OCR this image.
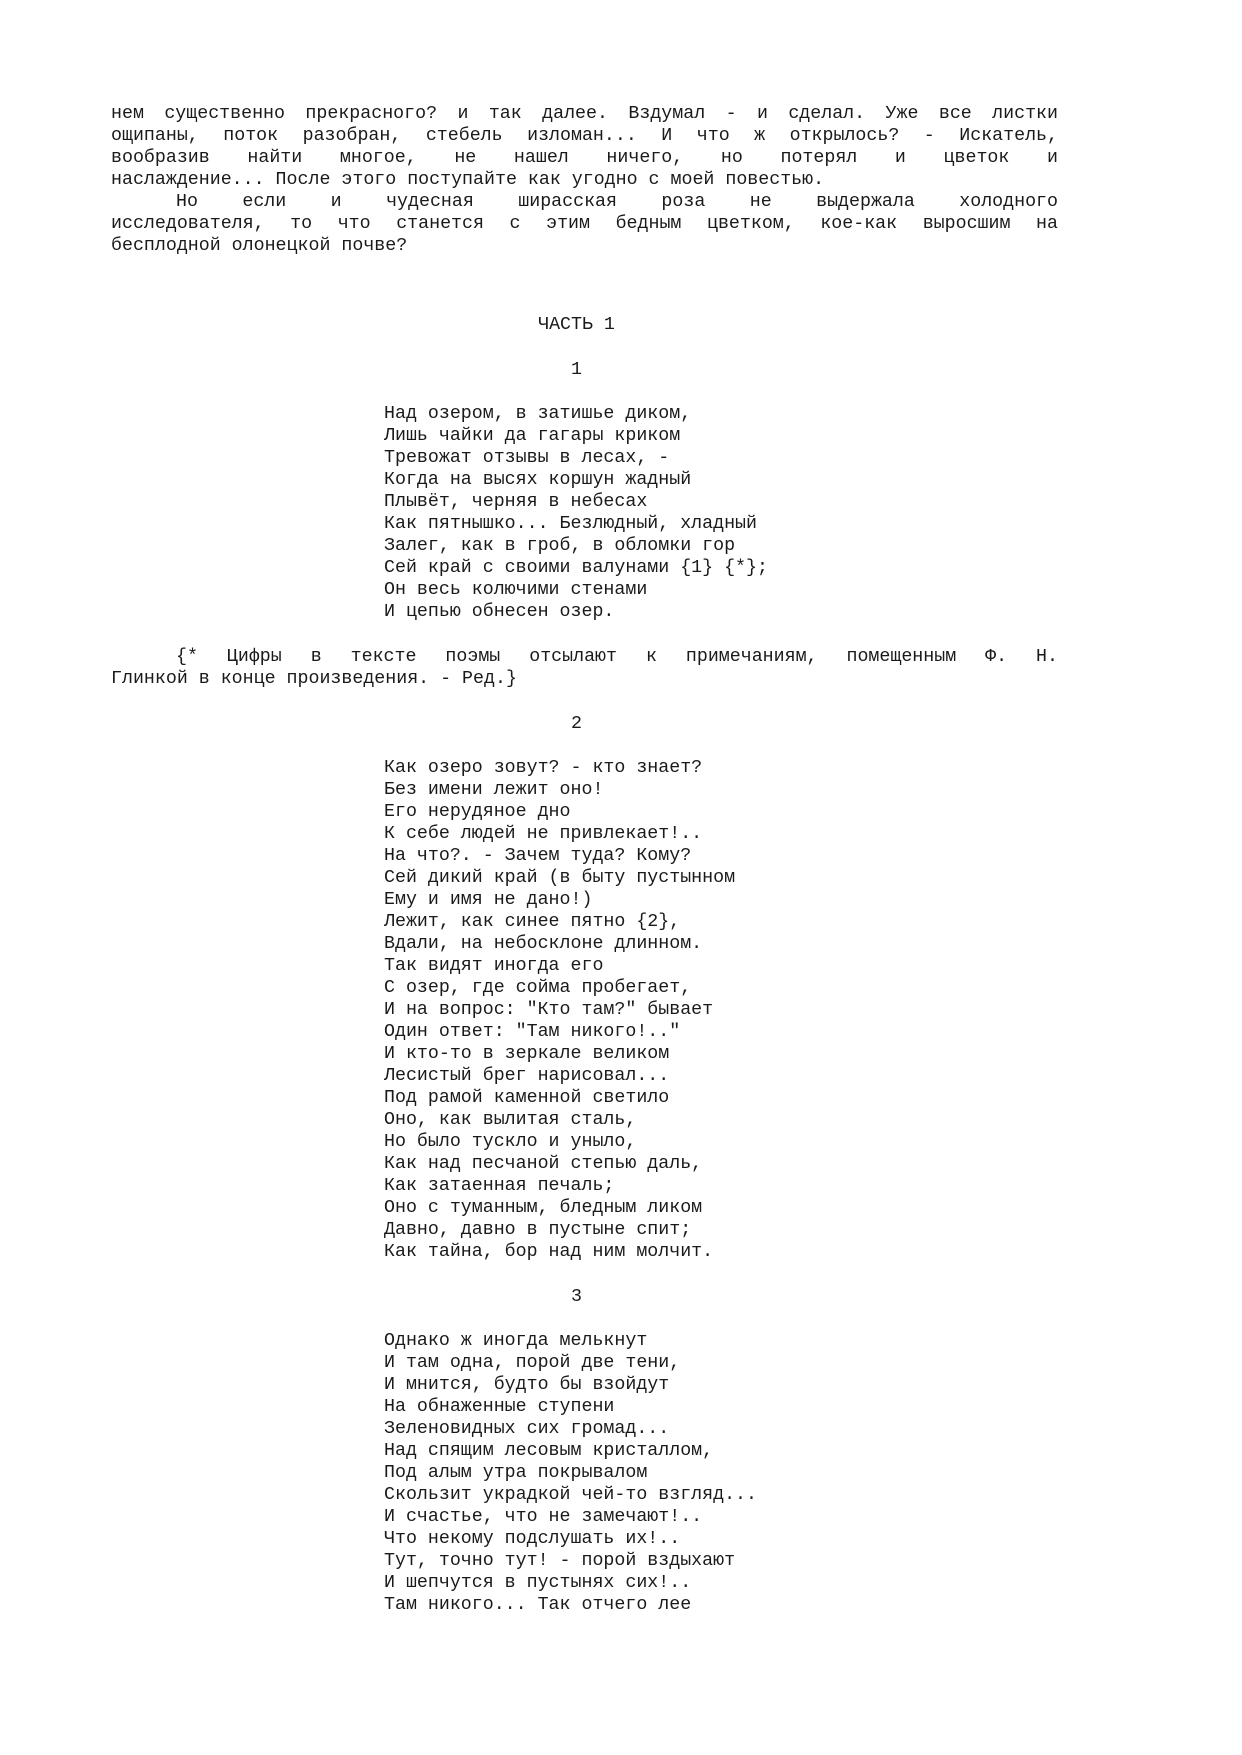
нем существенно прекрасного? и так далее. Вздумал - и сделал. Уже все листки

ощипаны, поток разобран, стебель изломан... И что ж открылось? - Искатель,

вообразив найти многое, не нашел ничего, но потерял и цветок и

наслаждение... После этого поступайте как угодно с моей повестью.

Но если и чудесная ширасская роза не выдержала холодного

исследователя, то что станется с этим бедным цветком, кое-как выросшим на

бесплодной олонецкой почве?

ЧАСТЬ 1

1

Над озером, в затишье диком,

Лишь чайки да гагары криком

Тревожат отзывы в лесах, -

Когда на высях коршун жадный

Плывёт, черняя в небесах

Как пятнышко... Безлюдный, хладный

Залег, как в гроб, в обломки гор

Сей край с своими валунами {1} {*};

Он весь колючими стенами

И цепью обнесен озер.

{* Цифры в тексте поэмы отсылают к примечаниям, помещенным Ф. Н.

Глинкой в конце произведения. - Ред.}

2

Как озеро зовут? - кто знает?

Без имени лежит оно!

Его нерудяное дно

К себе людей не привлекает!..

На что?. - Зачем туда? Кому?

Сей дикий край (в быту пустынном

Ему и имя не дано!)

Лежит, как синее пятно {2},

Вдали, на небосклоне длинном.

Так видят иногда его

С озер, где сойма пробегает,

И на вопрос: "Кто там?" бывает

Один ответ: "Там никого!.."

И кто-то в зеркале великом

Лесистый брег нарисовал...

Под рамой каменной светило

Оно, как вылитая сталь,

Но было тускло и уныло,

Как над песчаной степью даль,

Как затаенная печаль;

Оно с туманным, бледным ликом

Давно, давно в пустыне спит;

Как тайна, бор над ним молчит.

3

Однако ж иногда мелькнут

И там одна, порой две тени,

И мнится, будто бы взойдут

На обнаженные ступени

Зеленовидных сих громад...

Над спящим лесовым кристаллом,

Под алым утра покрывалом

Скользит украдкой чей-то взгляд...

И счастье, что не замечают!..

Что некому подслушать их!..

Тут, точно тут! - порой вздыхают

И шепчутся в пустынях сих!..

Там никого... Так отчего лее
